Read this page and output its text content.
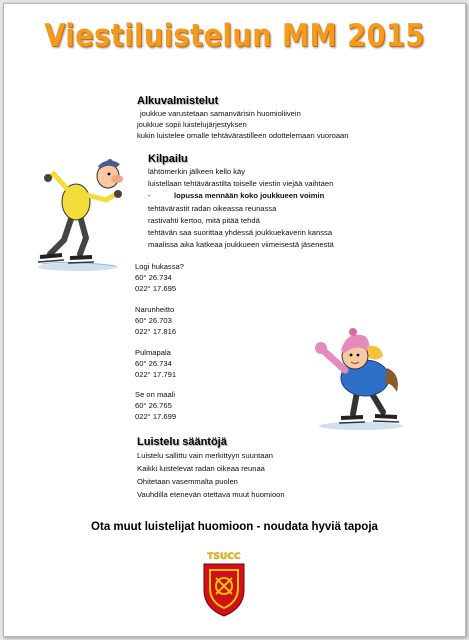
Viestiluistelun MM 2015
Alkuvalmistelut
joukkue varustetaan samanvärisin huomioliivein
joukkue sopii luistelujärjestyksen
kukin luistelee omalle tehtävärastilleen odottelemaan vuoroaan
Kilpailu
lähtömerkin jälkeen kello käy
luistellaan tehtävärastilta toiselle viestin viejää vaihtaen
-	lopussa mennään koko joukkueen voimin
tehtävärastit radan oikeassa reunassa
rastivahti kertoo, mitä pitää tehdä
tehtävän saa suorittaa yhdessä joukkuekaverin kanssa
maalissa aika katkeaa joukkueen viimeisestä jäsenestä
Logi hukassa?
60° 26.734
022° 17.695
Narunheitto
60° 26.703
022° 17.816
Pulmapala
60° 26.734
022° 17.791
Se on maali
60° 26.765
022° 17.699
Luistelu sääntöjä
Luistelu sallittu vain merkittyyn suuntaan
Kaikki luistelevat radan oikeaa reunaa
Ohitetaan vasemmalta puolen
Vauhdilla etenevän otettava muut huomioon
Ota muut luistelijat huomioon - noudata hyviä tapoja
TSUCC
